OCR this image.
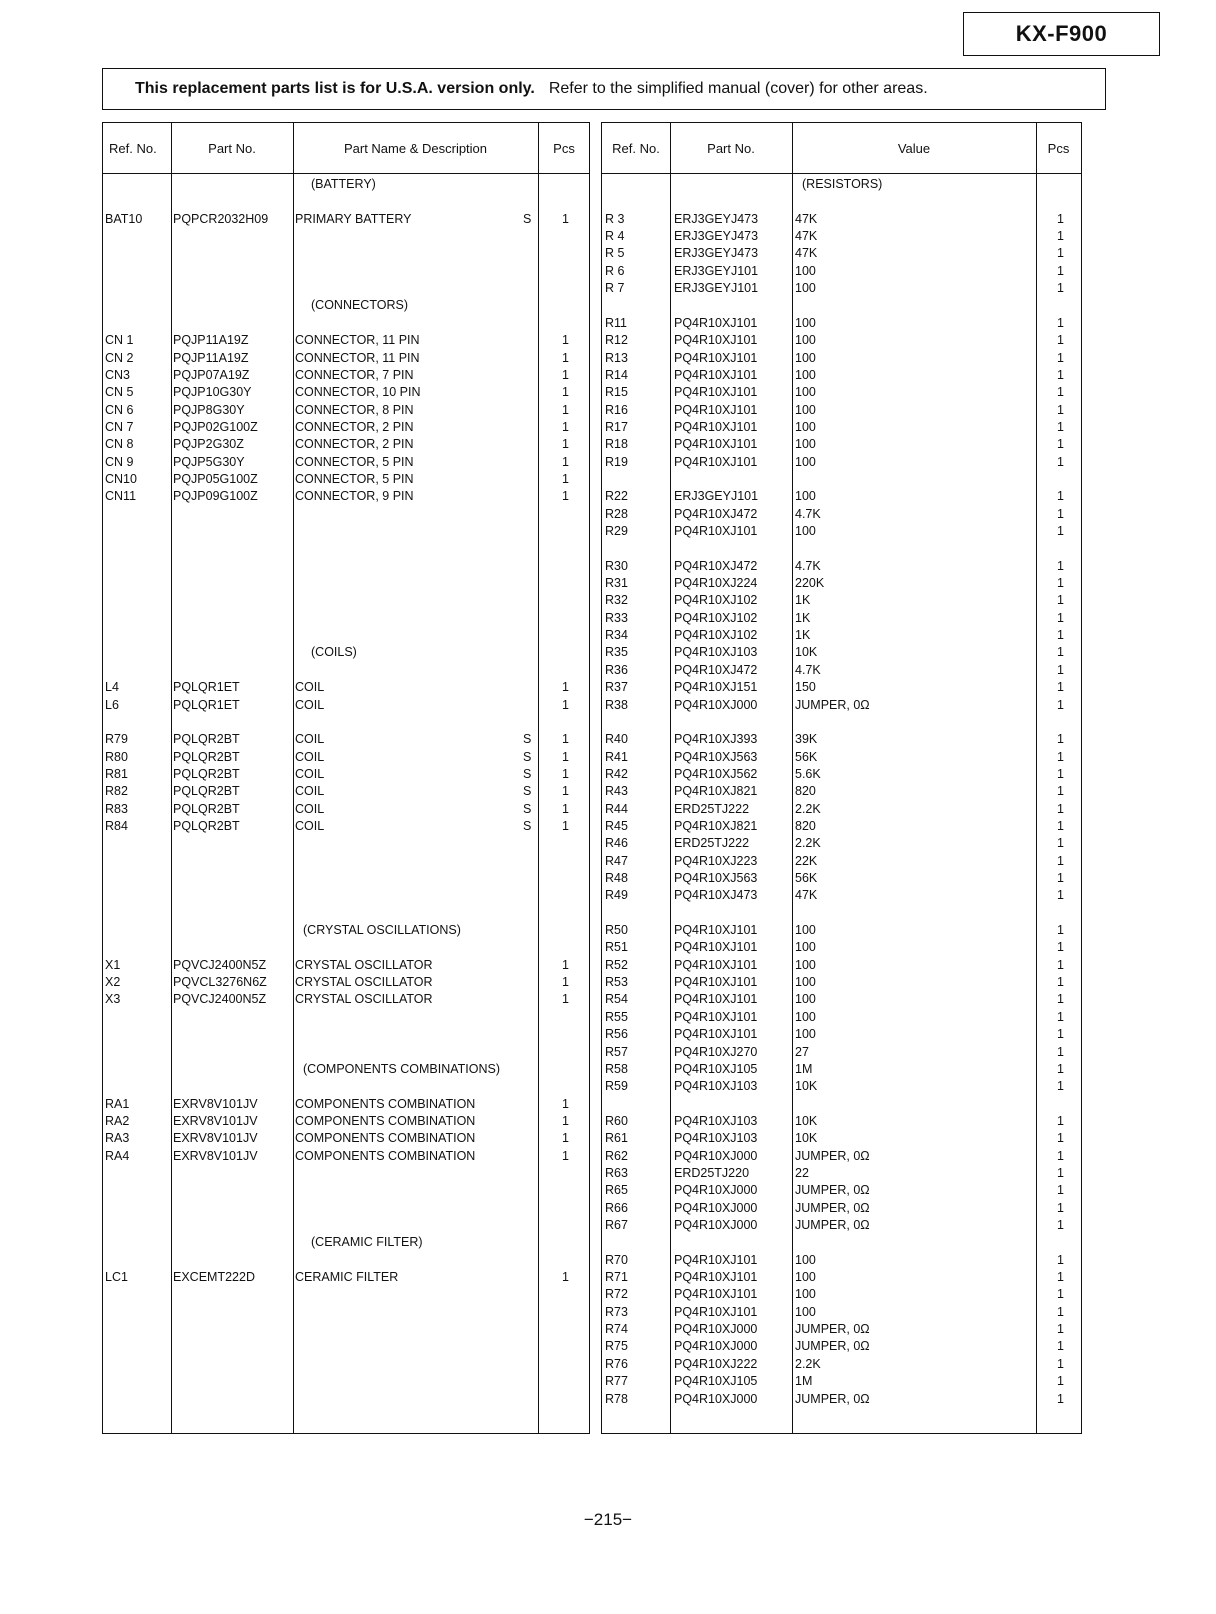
KX-F900
This replacement parts list is for U.S.A. version only. Refer to the simplified manual (cover) for other areas.
Ref. No.	Part No.	Part Name & Description	Pcs
(BATTERY)
BAT10 PQPCR2032H09 PRIMARY BATTERY	S 1
(CONNECTORS)
CN 1	PQJP11A19Z	CONNECTOR, 11 PIN	1
CN 2	PQJP11A19Z	CONNECTOR, 11 PIN	1
CN3	PQJP07A19Z	CONNECTOR, 7 PIN	1
CN 5	PQJP10G30Y	CONNECTOR, 10 PIN	1
CN 6	PQJP8G30Y	CONNECTOR, 8 PIN	1
CN 7	PQJP02G100Z	CONNECTOR, 2 PIN	1
CN 8	PQJP2G30Z	CONNECTOR, 2 PIN	1
CN 9	PQJP5G30Y	CONNECTOR, 5 PIN	1
CN10	PQJP05G100Z	CONNECTOR, 5 PIN	1
CN11	PQJP09G100Z	CONNECTOR, 9 PIN	1
(COILS)
L4	PQLQR1ET	COIL	1
L6	PQLQR1ET	COIL	1
R79	PQLQR2BT	COIL	S 1
R80	PQLQR2BT	COIL	S 1
R81	PQLQR2BT	COIL	S 1
R82	PQLQR2BT	COIL	S 1
R83	PQLQR2BT	COIL	S 1
R84	PQLQR2BT	COIL	S 1
(CRYSTAL OSCILLATIONS)
X1	PQVCJ2400N5Z CRYSTAL OSCILLATOR	1
X2	PQVCL3276N6Z CRYSTAL OSCILLATOR	1
X3	PQVCJ2400N5Z CRYSTAL OSCILLATOR	1
(COMPONENTS COMBINATIONS)
RA1	EXRV8V101JV	COMPONENTS COMBINATION	1
RA2	EXRV8V101JV	COMPONENTS COMBINATION	1
RA3	EXRV8V101JV	COMPONENTS COMBINATION	1
RA4	EXRV8V101JV	COMPONENTS COMBINATION	1
(CERAMIC FILTER)
LC1	EXCEMT222D	CERAMIC FILTER	1
Ref. No.	Part No.	Value	Pcs
(RESISTORS)
R 3	ERJ3GEYJ473	47K	1
R 4	ERJ3GEYJ473	47K	1
R 5	ERJ3GEYJ473	47K	1
R 6	ERJ3GEYJ101	100	1
R 7	ERJ3GEYJ101	100	1
R11	PQ4R10XJ101	100	1
R12	PQ4R10XJ101	100	1
R13	PQ4R10XJ101	100	1
R14	PQ4R10XJ101	100	1
R15	PQ4R10XJ101	100	1
R16	PQ4R10XJ101	100	1
R17	PQ4R10XJ101	100	1
R18	PQ4R10XJ101	100	1
R19	PQ4R10XJ101	100	1
R22	ERJ3GEYJ101	100	1
R28	PQ4R10XJ472	4.7K	1
R29	PQ4R10XJ101	100	1
R30	PQ4R10XJ472	4.7K	1
R31	PQ4R10XJ224	220K	1
R32	PQ4R10XJ102	1K	1
R33	PQ4R10XJ102	1K	1
R34	PQ4R10XJ102	1K	1
R35	PQ4R10XJ103	10K	1
R36	PQ4R10XJ472	4.7K	1
R37	PQ4R10XJ151	150	1
R38	PQ4R10XJ000	JUMPER, 0Ω	1
R40	PQ4R10XJ393	39K	1
R41	PQ4R10XJ563	56K	1
R42	PQ4R10XJ562	5.6K	1
R43	PQ4R10XJ821	820	1
R44	ERD25TJ222	2.2K	1
R45	PQ4R10XJ821	820	1
R46	ERD25TJ222	2.2K	1
R47	PQ4R10XJ223	22K	1
R48	PQ4R10XJ563	56K	1
R49	PQ4R10XJ473	47K	1
R50	PQ4R10XJ101	100	1
R51	PQ4R10XJ101	100	1
R52	PQ4R10XJ101	100	1
R53	PQ4R10XJ101	100	1
R54	PQ4R10XJ101	100	1
R55	PQ4R10XJ101	100	1
R56	PQ4R10XJ101	100	1
R57	PQ4R10XJ270	27	1
R58	PQ4R10XJ105	1M	1
R59	PQ4R10XJ103	10K	1
R60	PQ4R10XJ103	10K	1
R61	PQ4R10XJ103	10K	1
R62	PQ4R10XJ000	JUMPER, 0Ω	1
R63	ERD25TJ220	22	1
R65	PQ4R10XJ000	JUMPER, 0Ω	1
R66	PQ4R10XJ000	JUMPER, 0Ω	1
R67	PQ4R10XJ000	JUMPER, 0Ω	1
R70	PQ4R10XJ101	100	1
R71	PQ4R10XJ101	100	1
R72	PQ4R10XJ101	100	1
R73	PQ4R10XJ101	100	1
R74	PQ4R10XJ000	JUMPER, 0Ω	1
R75	PQ4R10XJ000	JUMPER, 0Ω	1
R76	PQ4R10XJ222	2.2K	1
R77	PQ4R10XJ105	1M	1
R78	PQ4R10XJ000	JUMPER, 0Ω	1
−215−
